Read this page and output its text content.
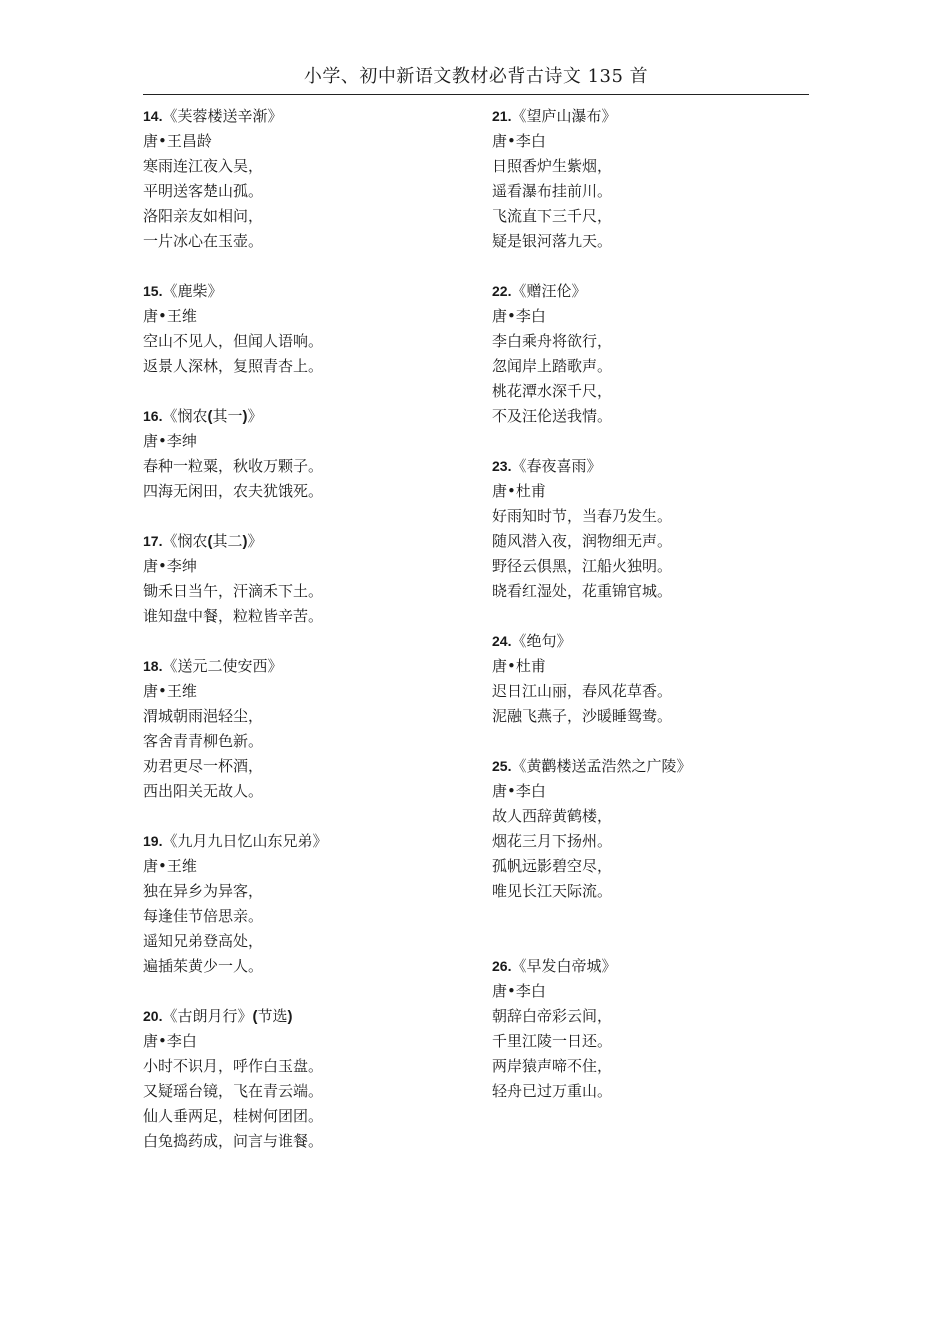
小学、初中新语文教材必背古诗文 135 首
14.《芙蓉楼送辛渐》
唐•王昌龄
寒雨连江夜入吴，
平明送客楚山孤。
洛阳亲友如相问，
一片冰心在玉壶。
15.《鹿柴》
唐•王维
空山不见人，但闻人语响。
返景人深林，复照青杏上。
16.《悯农(其一)》
唐•李绅
春种一粒粟，秋收万颗子。
四海无闲田，农夫犹饿死。
17.《悯农(其二)》
唐•李绅
锄禾日当午，汗滴禾下土。
谁知盘中餐，粒粒皆辛苦。
18.《送元二使安西》
唐•王维
渭城朝雨浥轻尘，
客舍青青柳色新。
劝君更尽一杯酒，
西出阳关无故人。
19.《九月九日忆山东兄弟》
唐•王维
独在异乡为异客，
每逢佳节倍思亲。
遥知兄弟登高处，
遍插茱黄少一人。
20.《古朗月行》(节选)
唐•李白
小时不识月，呼作白玉盘。
又疑瑶台镜，飞在青云端。
仙人垂两足，桂树何团团。
白兔捣药成，问言与谁餐。
21.《望庐山瀑布》
唐•李白
日照香炉生紫烟，
遥看瀑布挂前川。
飞流直下三千尺，
疑是银河落九天。
22.《赠汪伦》
唐•李白
李白乘舟将欲行，
忽闻岸上踏歌声。
桃花潭水深千尺，
不及汪伦送我情。
23.《春夜喜雨》
唐•杜甫
好雨知时节，当春乃发生。
随风潜入夜，润物细无声。
野径云俱黑，江船火独明。
晓看红湿处，花重锦官城。
24.《绝句》
唐•杜甫
迟日江山丽，春风花草香。
泥融飞燕子，沙暖睡鸳鸯。
25.《黄鹳楼送孟浩然之广陵》
唐•李白
故人西辞黄鹤楼，
烟花三月下扬州。
孤帆远影碧空尽，
唯见长江天际流。
26.《早发白帝城》
唐•李白
朝辞白帝彩云间，
千里江陵一日还。
两岸猿声啼不住，
轻舟已过万重山。
